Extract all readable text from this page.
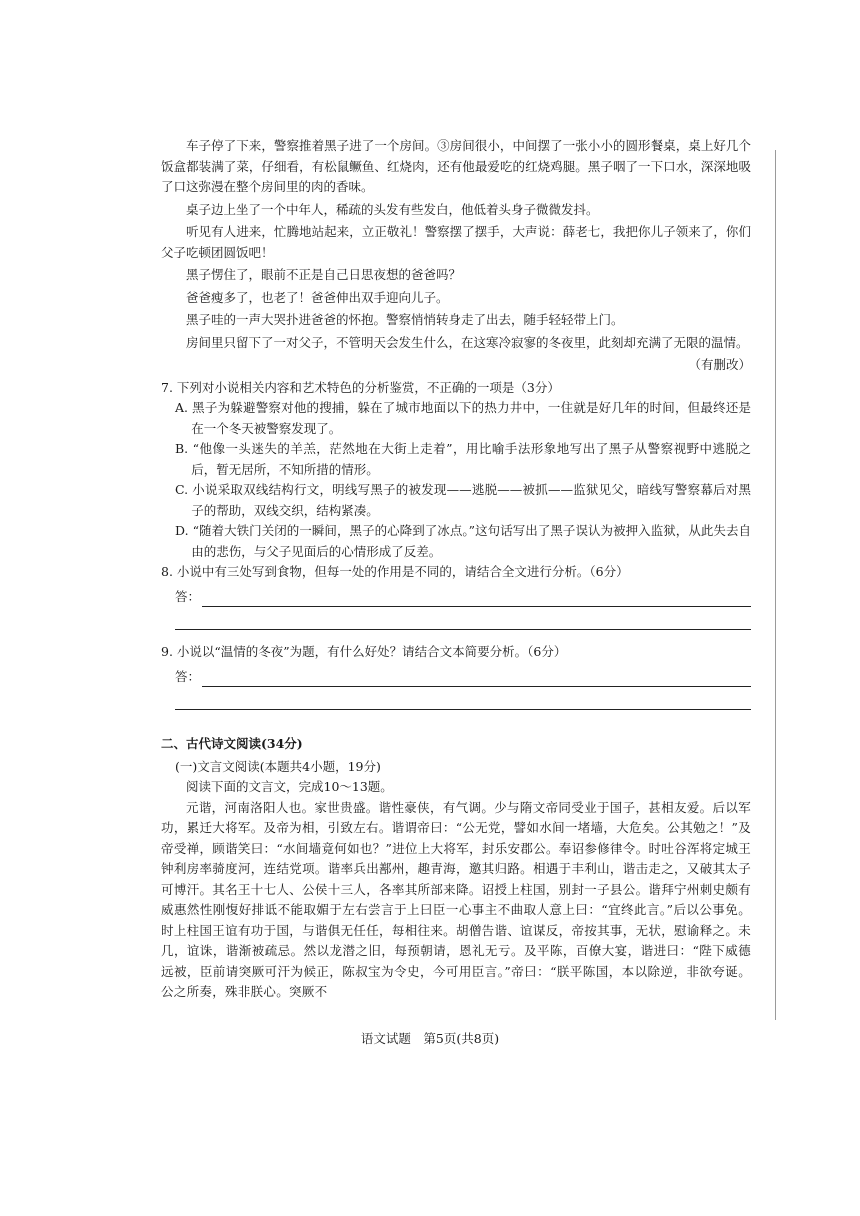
车子停了下来，警察推着黑子进了一个房间。③房间很小，中间摆了一张小小的圆形餐桌，桌上好几个饭盒都装满了菜，仔细看，有松鼠鳜鱼、红烧肉，还有他最爱吃的红烧鸡腿。黑子咽了一下口水，深深地吸了口这弥漫在整个房间里的肉的香味。

桌子边上坐了一个中年人，稀疏的头发有些发白，他低着头身子微微发抖。

听见有人进来，忙腾地站起来，立正敬礼！警察摆了摆手，大声说：薛老七，我把你儿子领来了，你们父子吃顿团圆饭吧！

黑子愣住了，眼前不正是自己日思夜想的爸爸吗？

爸爸瘦多了，也老了！爸爸伸出双手迎向儿子。

黑子哇的一声大哭扑进爸爸的怀抱。警察悄悄转身走了出去，随手轻轻带上门。

房间里只留下了一对父子，不管明天会发生什么，在这寒冷寂寥的冬夜里，此刻却充满了无限的温情。

（有删改）

7. 下列对小说相关内容和艺术特色的分析鉴赏，不正确的一项是（3分）

A. 黑子为躲避警察对他的搜捕，躲在了城市地面以下的热力井中，一住就是好几年的时间，但最终还是在一个冬天被警察发现了。

B. “他像一头迷失的羊羔，茫然地在大街上走着”，用比喻手法形象地写出了黑子从警察视野中逃脱之后，暂无居所，不知所措的情形。

C. 小说采取双线结构行文，明线写黑子的被发现——逃脱——被抓——监狱见父，暗线写警察幕后对黑子的帮助，双线交织，结构紧凑。

D. “随着大铁门关闭的一瞬间，黑子的心降到了冰点。”这句话写出了黑子误认为被押入监狱，从此失去自由的悲伤，与父子见面后的心情形成了反差。

8. 小说中有三处写到食物，但每一处的作用是不同的，请结合全文进行分析。（6分）

答：

9. 小说以“温情的冬夜”为题，有什么好处？请结合文本简要分析。（6分）

答：

二、古代诗文阅读(34分)

(一)文言文阅读(本题共4小题，19分)

阅读下面的文言文，完成10～13题。

元谐，河南洛阳人也。家世贵盛。谐性豪侠，有气调。少与隋文帝同受业于国子，甚相友爱。后以军功，累迁大将军。及帝为相，引致左右。谐谓帝曰：“公无党，譬如水间一堵墙，大危矣。公其勉之！”及帝受禅，顾谐笑曰：“水间墙竟何如也？”进位上大将军，封乐安郡公。奉诏参修律令。时吐谷浑将定城王钟利房率骑度河，连结党项。谐率兵出鄯州，趣青海，邀其归路。相遇于丰利山，谐击走之，又破其太子可博汗。其名王十七人、公侯十三人，各率其所部来降。诏授上柱国，别封一子县公。谐拜宁州刺史颇有威惠然性刚愎好排诋不能取媚于左右尝言于上曰臣一心事主不曲取人意上曰：“宜终此言。”后以公事免。时上柱国王谊有功于国，与谐俱无任任，每相往来。胡僧告谐、谊谋反，帝按其事，无状，慰谕释之。未几，谊诛，谐渐被疏忌。然以龙潜之旧，每预朝请，恩礼无亏。及平陈，百僚大宴，谐进曰：“陛下威德远被，臣前请突厥可汗为候正，陈叔宝为令史，今可用臣言。”帝曰：“朕平陈国，本以除逆，非欲夸诞。公之所奏，殊非朕心。突厥不

语文试题　第5页(共8页)
